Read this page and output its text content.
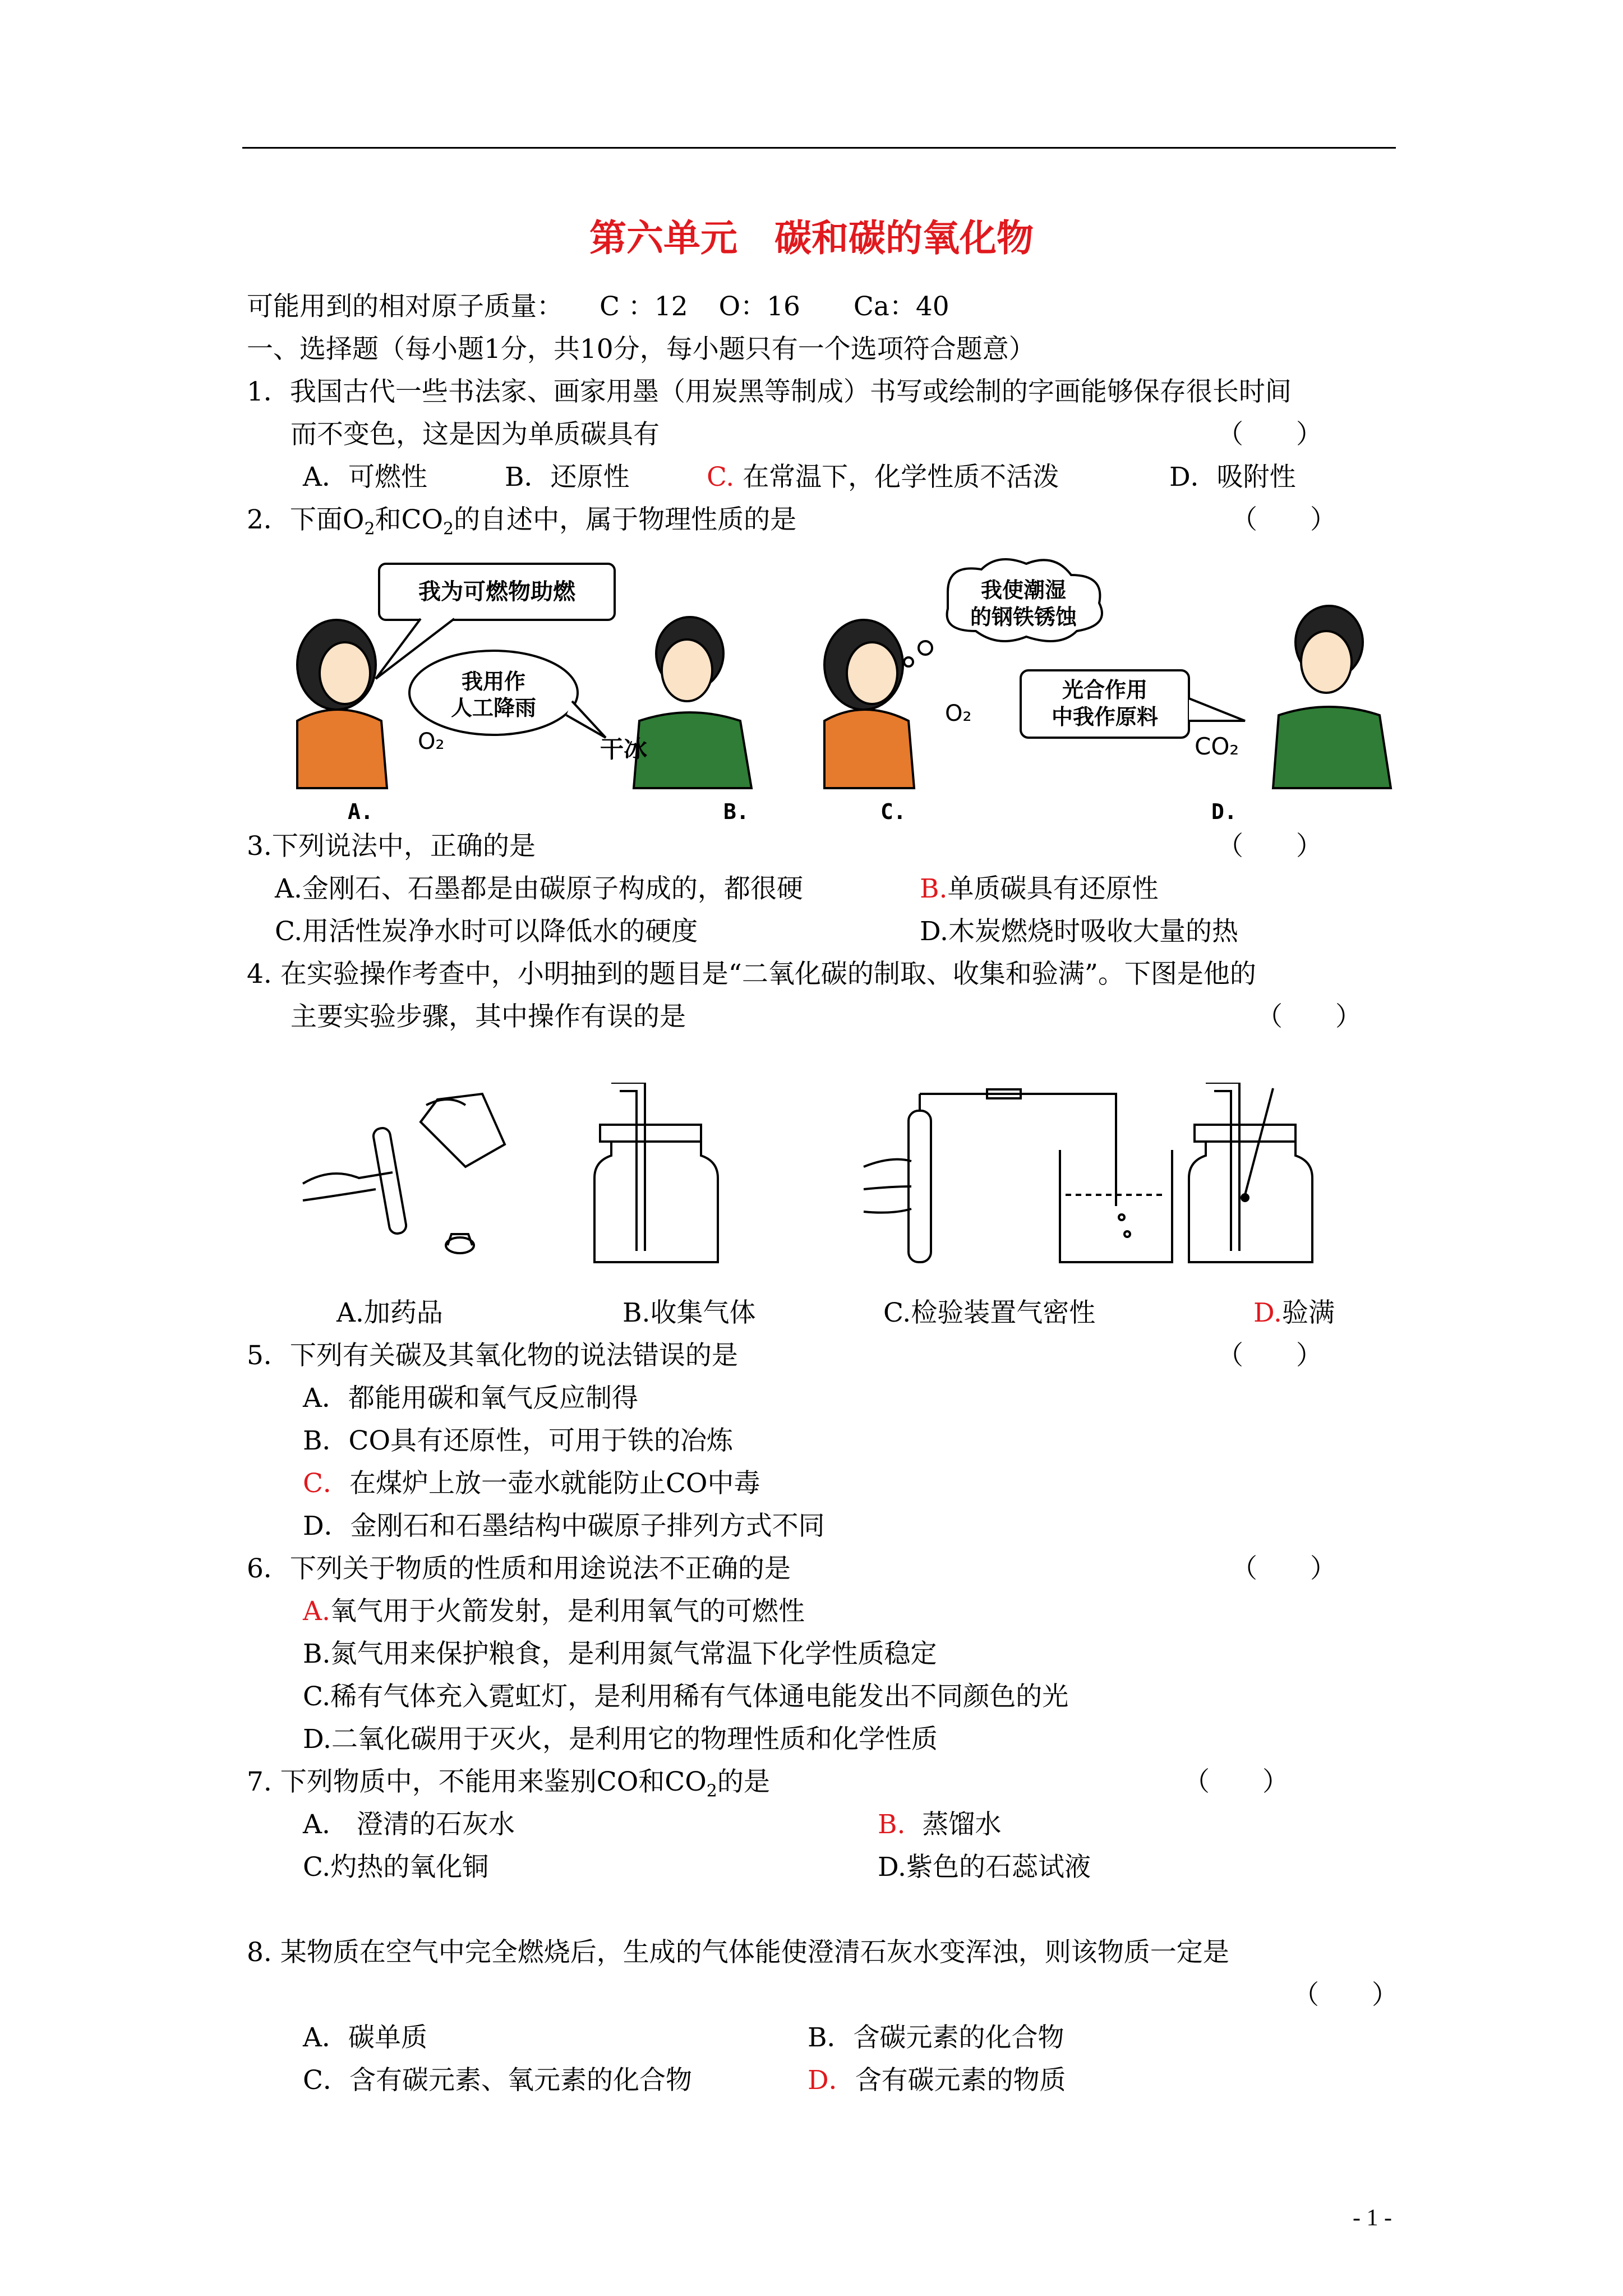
第六单元　碳和碳的氧化物
可能用到的相对原子质量： C ：12 O：16 Ca：40
一、选择题（每小题1分，共10分，每小题只有一个选项符合题意）
1．我国古代一些书法家、画家用墨（用炭黑等制成）书写或绘制的字画能够保存很长时间
而不变色，这是因为单质碳具有	（　　）
A．可燃性	B．还原性	C. 在常温下，化学性质不活泼	D．吸附性
2．下面$O_2$和$CO_2$的自述中，属于物理性质的是	（　　）
我为可燃物助燃
我用作
人工降雨
我使潮湿
的钢铁锈蚀
光合作用
中我作原料
O₂	干冰
O₂
CO₂
A.	B.	C.	D.
3.下列说法中，正确的是	（　　）
A.金刚石、石墨都是由碳原子构成的，都很硬	B.单质碳具有还原性
C.用活性炭净水时可以降低水的硬度	D.木炭燃烧时吸收大量的热
4. 在实验操作考查中，小明抽到的题目是“二氧化碳的制取、收集和验满”。下图是他的
主要实验步骤，其中操作有误的是	（　　）
A.加药品	B.收集气体	C.检验装置气密性	D.验满
5．下列有关碳及其氧化物的说法错误的是	（　　）
A．都能用碳和氧气反应制得
B．CO具有还原性，可用于铁的冶炼
C．在煤炉上放一壶水就能防止CO中毒
D．金刚石和石墨结构中碳原子排列方式不同
6．下列关于物质的性质和用途说法不正确的是	（　　）
A.氧气用于火箭发射，是利用氧气的可燃性
B.氮气用来保护粮食，是利用氮气常温下化学性质稳定
C.稀有气体充入霓虹灯，是利用稀有气体通电能发出不同颜色的光
D.二氧化碳用于灭火，是利用它的物理性质和化学性质
7. 下列物质中，不能用来鉴别CO和$CO_2$的是	（　　）
A.　澄清的石灰水	B. 蒸馏水
C.灼热的氧化铜	D.紫色的石蕊试液
8. 某物质在空气中完全燃烧后，生成的气体能使澄清石灰水变浑浊，则该物质一定是
（　　）
A．碳单质	B．含碳元素的化合物
C．含有碳元素、氧元素的化合物	D．含有碳元素的物质
- 1 -
